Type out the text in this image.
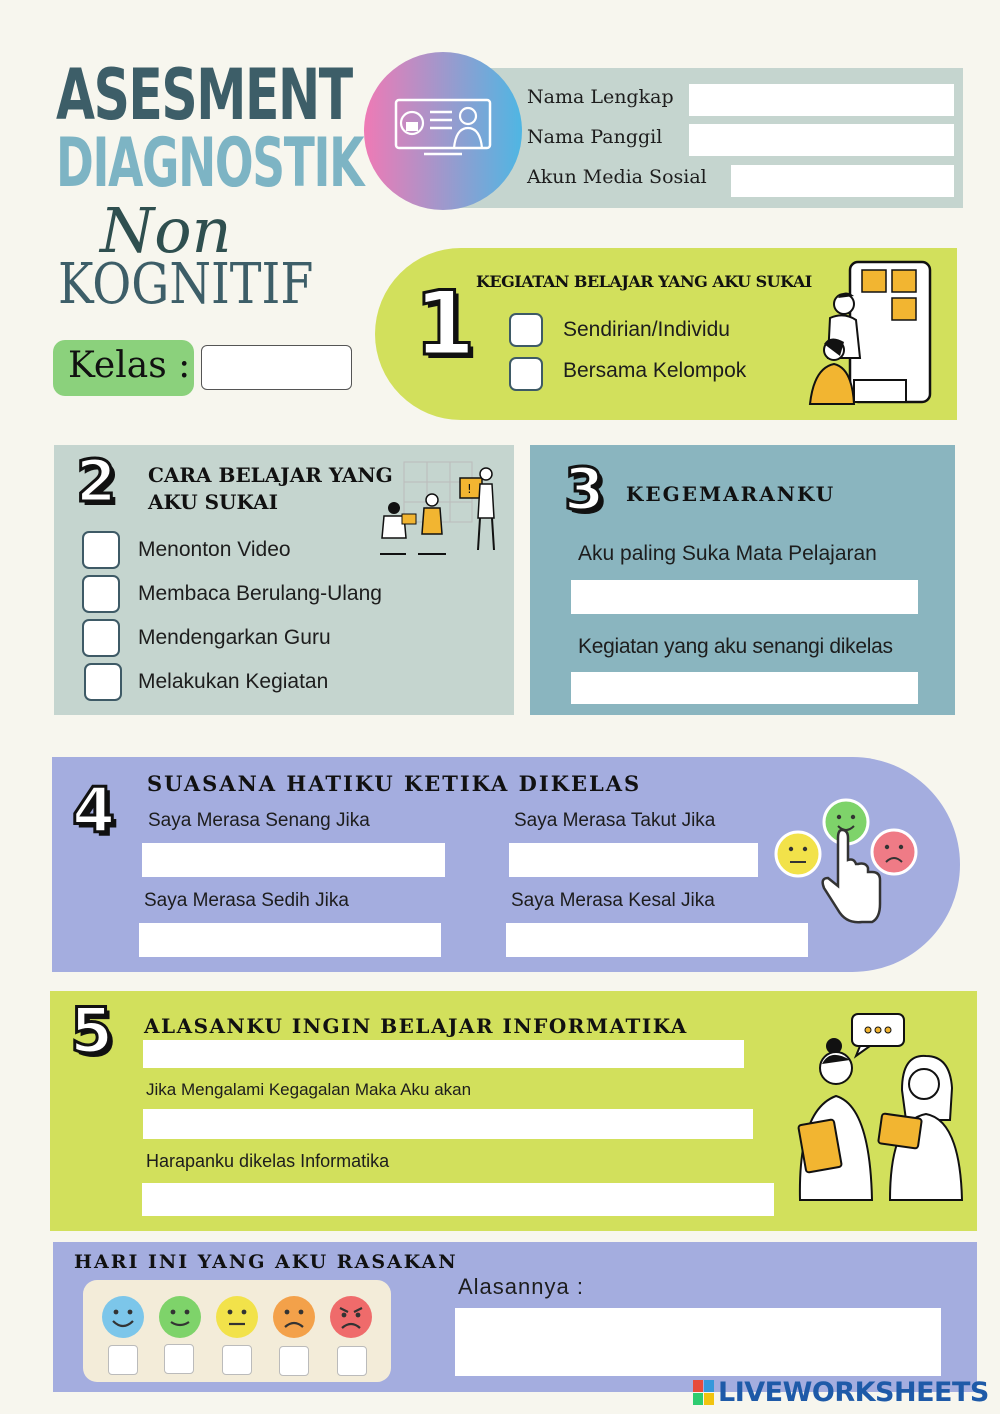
ASESMENT
DIAGNOSTIK
Non
KOGNITIF
Kelas :
Nama Lengkap
Nama Panggil
Akun Media Sosial
1 KEGIATAN BELAJAR YANG AKU SUKAI
Sendirian/Individu
Bersama Kelompok
2 CARA BELAJAR YANG
AKU SUKAI
!
Menonton Video
Membaca Berulang-Ulang
Mendengarkan Guru
Melakukan Kegiatan
3 KEGEMARANKU
Aku paling Suka Mata Pelajaran
Kegiatan yang aku senangi dikelas
4 SUASANA HATIKU KETIKA DIKELAS
Saya Merasa Senang Jika	Saya Merasa Takut Jika
Saya Merasa Sedih Jika	Saya Merasa Kesal Jika
5 ALASANKU INGIN BELAJAR INFORMATIKA
Jika Mengalami Kegagalan Maka Aku akan
Harapanku dikelas Informatika
HARI INI YANG AKU RASAKAN
Alasannya :
LIVEWORKSHEETS
